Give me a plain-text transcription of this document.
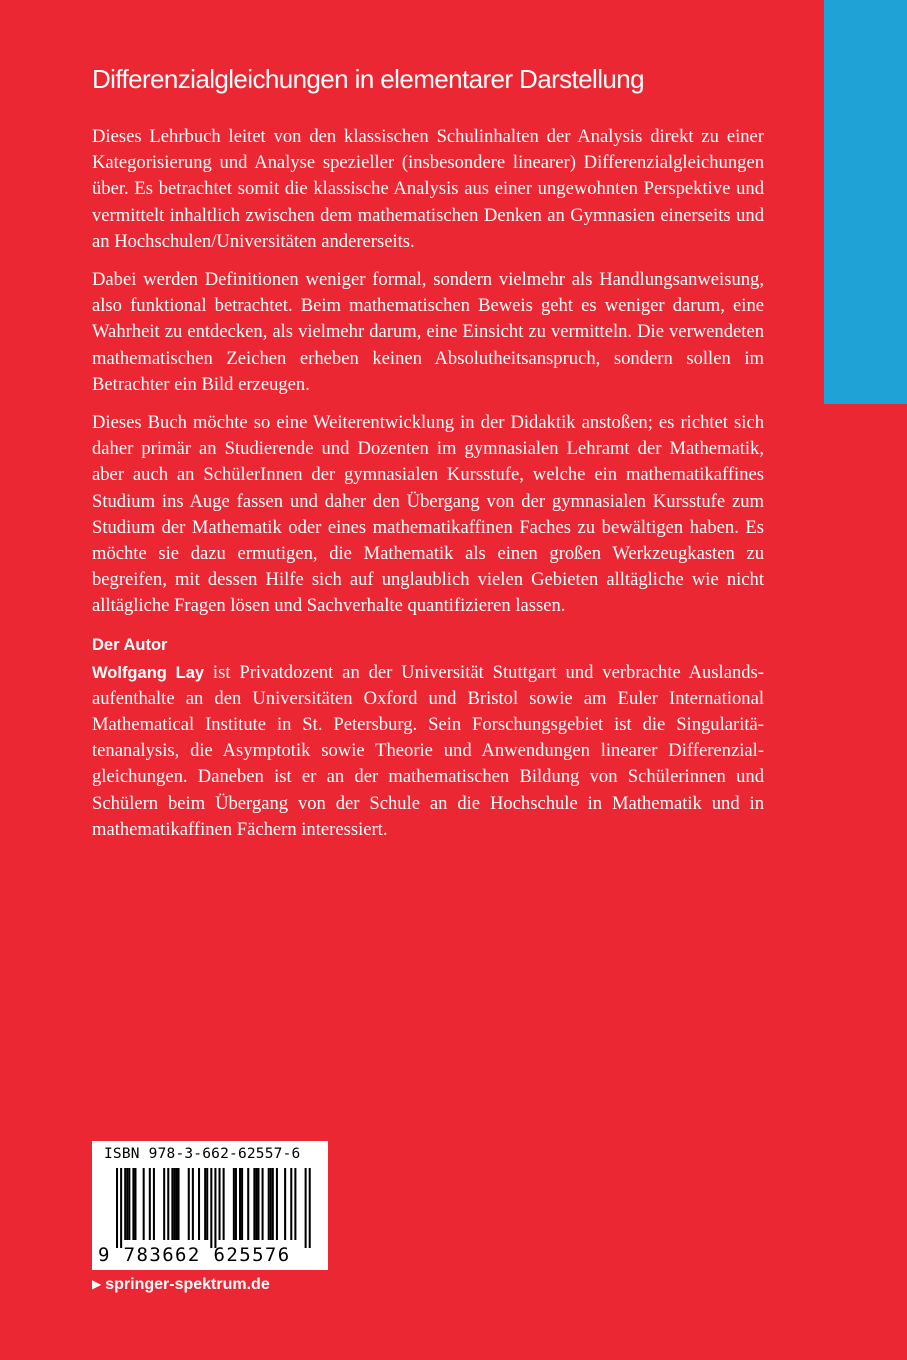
Differenzialgleichungen in elementarer Darstellung

Dieses Lehrbuch leitet von den klassischen Schulinhalten der Analysis direkt zu einer Kategorisierung und Analyse spezieller (insbesondere linearer) Differenzialgleichungen über. Es betrachtet somit die klassische Analysis aus einer ungewohnten Perspektive und vermittelt inhaltlich zwischen dem mathematischen Denken an Gymnasien einerseits und an Hochschulen/Universitäten andererseits.

Dabei werden Definitionen weniger formal, sondern vielmehr als Handlungsanweisung, also funktional betrachtet. Beim mathematischen Beweis geht es weniger darum, eine Wahrheit zu entdecken, als vielmehr darum, eine Einsicht zu vermitteln. Die verwendeten mathematischen Zeichen erheben keinen Absolutheitsanspruch, sondern sollen im Betrachter ein Bild erzeugen.

Dieses Buch möchte so eine Weiterentwicklung in der Didaktik anstoßen; es richtet sich daher primär an Studierende und Dozenten im gymnasialen Lehramt der Mathematik, aber auch an SchülerInnen der gymnasialen Kursstufe, welche ein mathematikaffines Studium ins Auge fassen und daher den Übergang von der gymnasialen Kursstufe zum Studium der Mathematik oder eines mathematikaffinen Faches zu bewältigen haben. Es möchte sie dazu ermutigen, die Mathematik als einen großen Werkzeugkasten zu begreifen, mit dessen Hilfe sich auf unglaublich vielen Gebieten alltägliche wie nicht alltägliche Fragen lösen und Sachverhalte quantifizieren lassen.

Der Autor

Wolfgang Lay ist Privatdozent an der Universität Stuttgart und verbrachte Auslandsaufenthalte an den Universitäten Oxford und Bristol sowie am Euler International Mathematical Institute in St. Petersburg. Sein Forschungsgebiet ist die Singularitätenanalysis, die Asymptotik sowie Theorie und Anwendungen linearer Differenzialgleichungen. Daneben ist er an der mathematischen Bildung von Schülerinnen und Schülern beim Übergang von der Schule an die Hochschule in Mathematik und in mathematikaffinen Fächern interessiert.

ISBN 978-3-662-62557-6
9 783662 625576
▶ springer-spektrum.de
